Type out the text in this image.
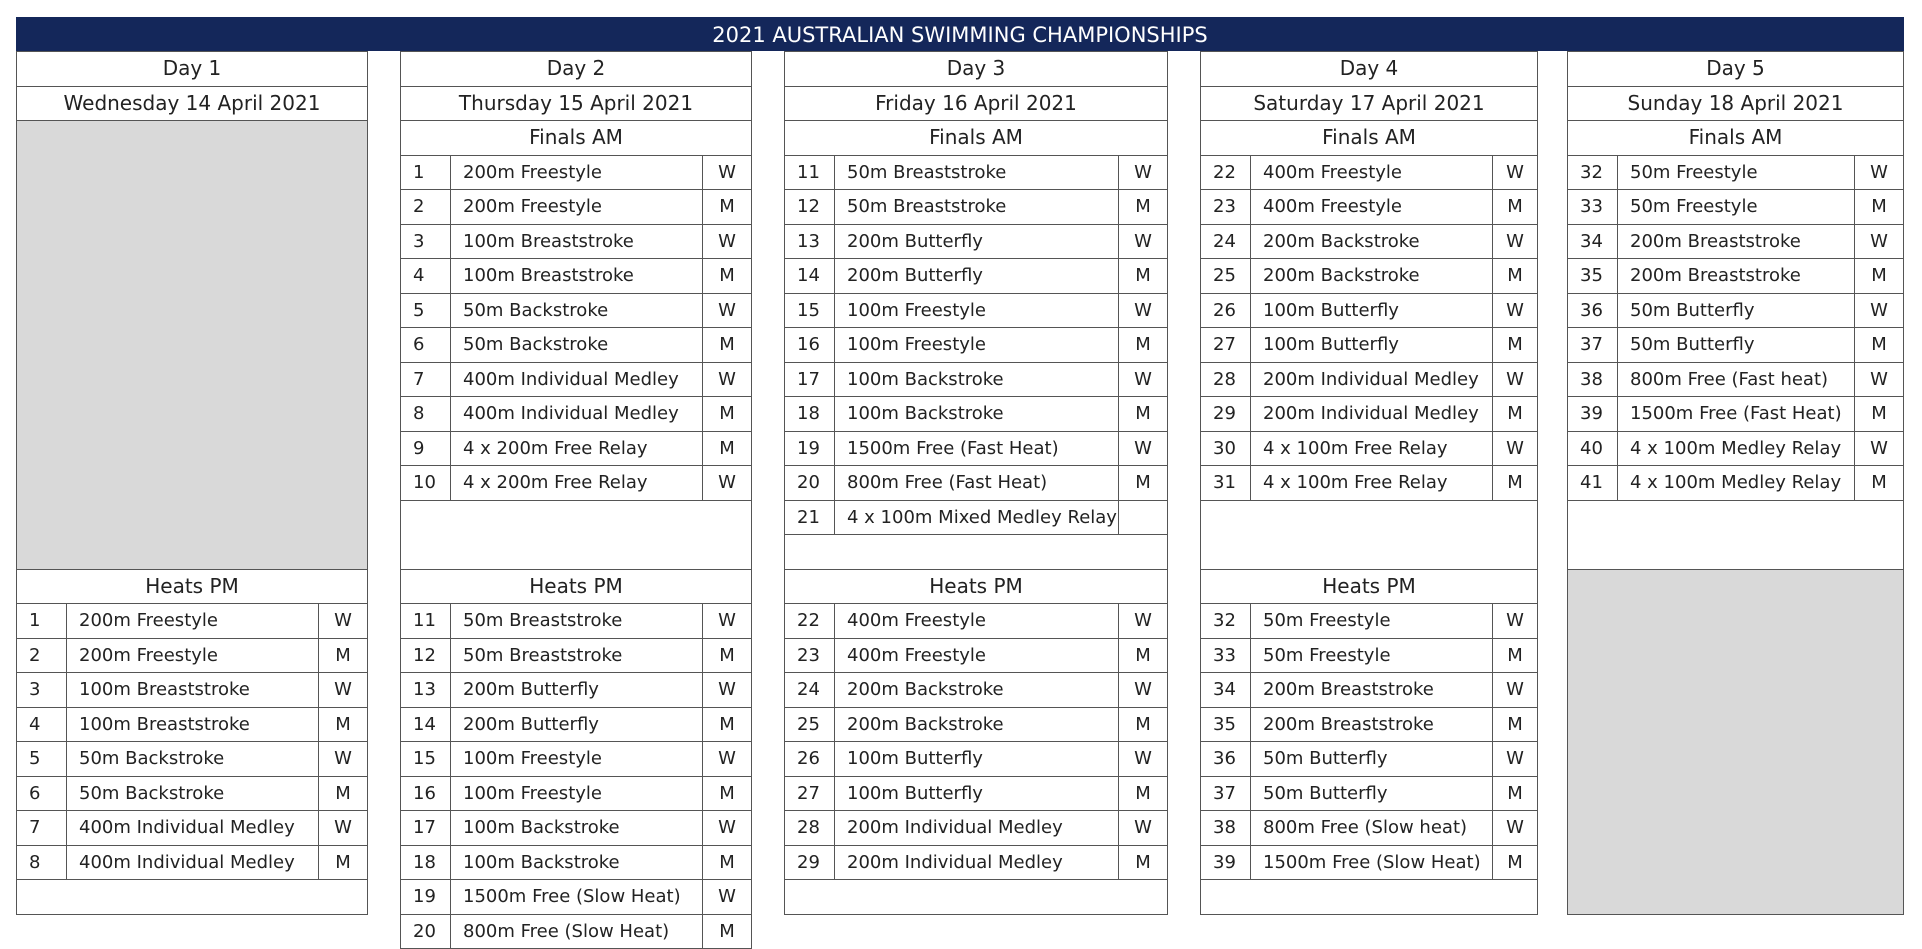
2021 AUSTRALIAN SWIMMING CHAMPIONSHIPS
Day 1
Wednesday 14 April 2021
Heats PM
1	200m Freestyle	W
2	200m Freestyle	M
3	100m Breaststroke	W
4	100m Breaststroke	M
5	50m Backstroke	W
6	50m Backstroke	M
7	400m Individual Medley	W
8	400m Individual Medley	M
Day 2
Thursday 15 April 2021
Finals AM
1	200m Freestyle	W
2	200m Freestyle	M
3	100m Breaststroke	W
4	100m Breaststroke	M
5	50m Backstroke	W
6	50m Backstroke	M
7	400m Individual Medley	W
8	400m Individual Medley	M
9	4 x 200m Free Relay	M
10	4 x 200m Free Relay	W
Heats PM
11	50m Breaststroke	W
12	50m Breaststroke	M
13	200m Butterfly	W
14	200m Butterfly	M
15	100m Freestyle	W
16	100m Freestyle	M
17	100m Backstroke	W
18	100m Backstroke	M
19	1500m Free (Slow Heat)	W
20	800m Free (Slow Heat)	M
Day 3
Friday 16 April 2021
Finals AM
11	50m Breaststroke	W
12	50m Breaststroke	M
13	200m Butterfly	W
14	200m Butterfly	M
15	100m Freestyle	W
16	100m Freestyle	M
17	100m Backstroke	W
18	100m Backstroke	M
19	1500m Free (Fast Heat)	W
20	800m Free (Fast Heat)	M
21	4 x 100m Mixed Medley Relay
Heats PM
22	400m Freestyle	W
23	400m Freestyle	M
24	200m Backstroke	W
25	200m Backstroke	M
26	100m Butterfly	W
27	100m Butterfly	M
28	200m Individual Medley	W
29	200m Individual Medley	M
Day 4
Saturday 17 April 2021
Finals AM
22	400m Freestyle	W
23	400m Freestyle	M
24	200m Backstroke	W
25	200m Backstroke	M
26	100m Butterfly	W
27	100m Butterfly	M
28	200m Individual Medley	W
29	200m Individual Medley	M
30	4 x 100m Free Relay	W
31	4 x 100m Free Relay	M
Heats PM
32	50m Freestyle	W
33	50m Freestyle	M
34	200m Breaststroke	W
35	200m Breaststroke	M
36	50m Butterfly	W
37	50m Butterfly	M
38	800m Free (Slow heat)	W
39	1500m Free (Slow Heat)	M
Day 5
Sunday 18 April 2021
Finals AM
32	50m Freestyle	W
33	50m Freestyle	M
34	200m Breaststroke	W
35	200m Breaststroke	M
36	50m Butterfly	W
37	50m Butterfly	M
38	800m Free (Fast heat)	W
39	1500m Free (Fast Heat)	M
40	4 x 100m Medley Relay	W
41	4 x 100m Medley Relay	M
